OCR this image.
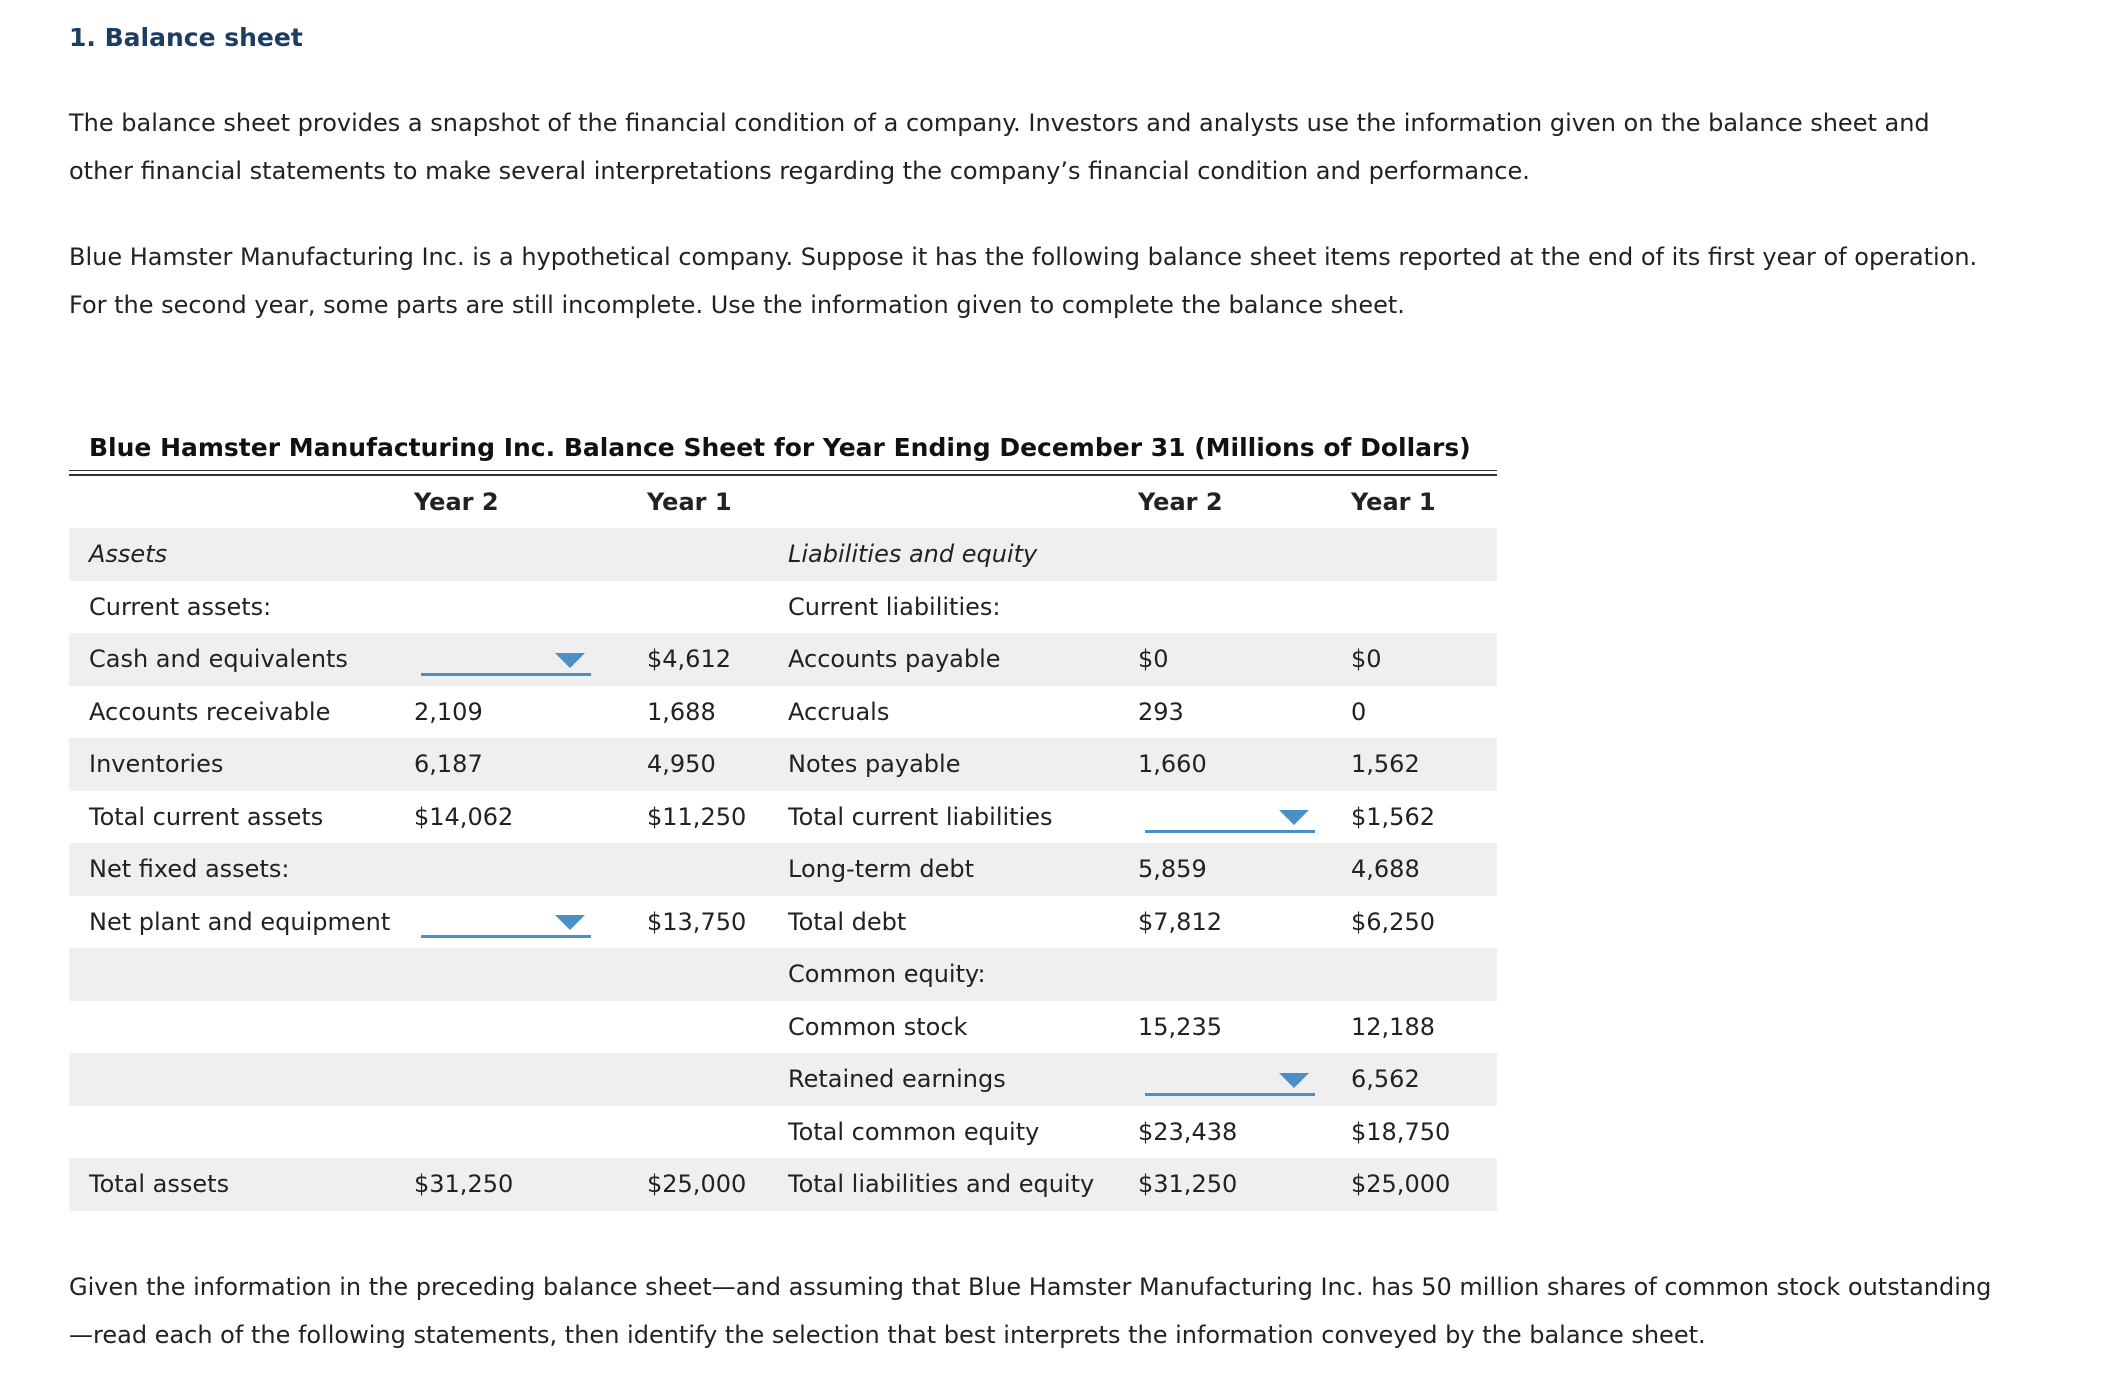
1. Balance sheet
The balance sheet provides a snapshot of the financial condition of a company. Investors and analysts use the information given on the balance sheet and other financial statements to make several interpretations regarding the company’s financial condition and performance.
Blue Hamster Manufacturing Inc. is a hypothetical company. Suppose it has the following balance sheet items reported at the end of its first year of operation. For the second year, some parts are still incomplete. Use the information given to complete the balance sheet.
Blue Hamster Manufacturing Inc. Balance Sheet for Year Ending December 31 (Millions of Dollars)
	Year 2	Year 1		Year 2	Year 1
Assets			Liabilities and equity		
Current assets:			Current liabilities:		
Cash and equivalents		$4,612	Accounts payable	$0	$0
Accounts receivable	2,109	1,688	Accruals	293	0
Inventories	6,187	4,950	Notes payable	1,660	1,562
Total current assets	$14,062	$11,250	Total current liabilities		$1,562
Net fixed assets:			Long-term debt	5,859	4,688
Net plant and equipment		$13,750	Total debt	$7,812	$6,250
			Common equity:		
			Common stock	15,235	12,188
			Retained earnings		6,562
			Total common equity	$23,438	$18,750
Total assets	$31,250	$25,000	Total liabilities and equity	$31,250	$25,000
Given the information in the preceding balance sheet—and assuming that Blue Hamster Manufacturing Inc. has 50 million shares of common stock outstanding—read each of the following statements, then identify the selection that best interprets the information conveyed by the balance sheet.
